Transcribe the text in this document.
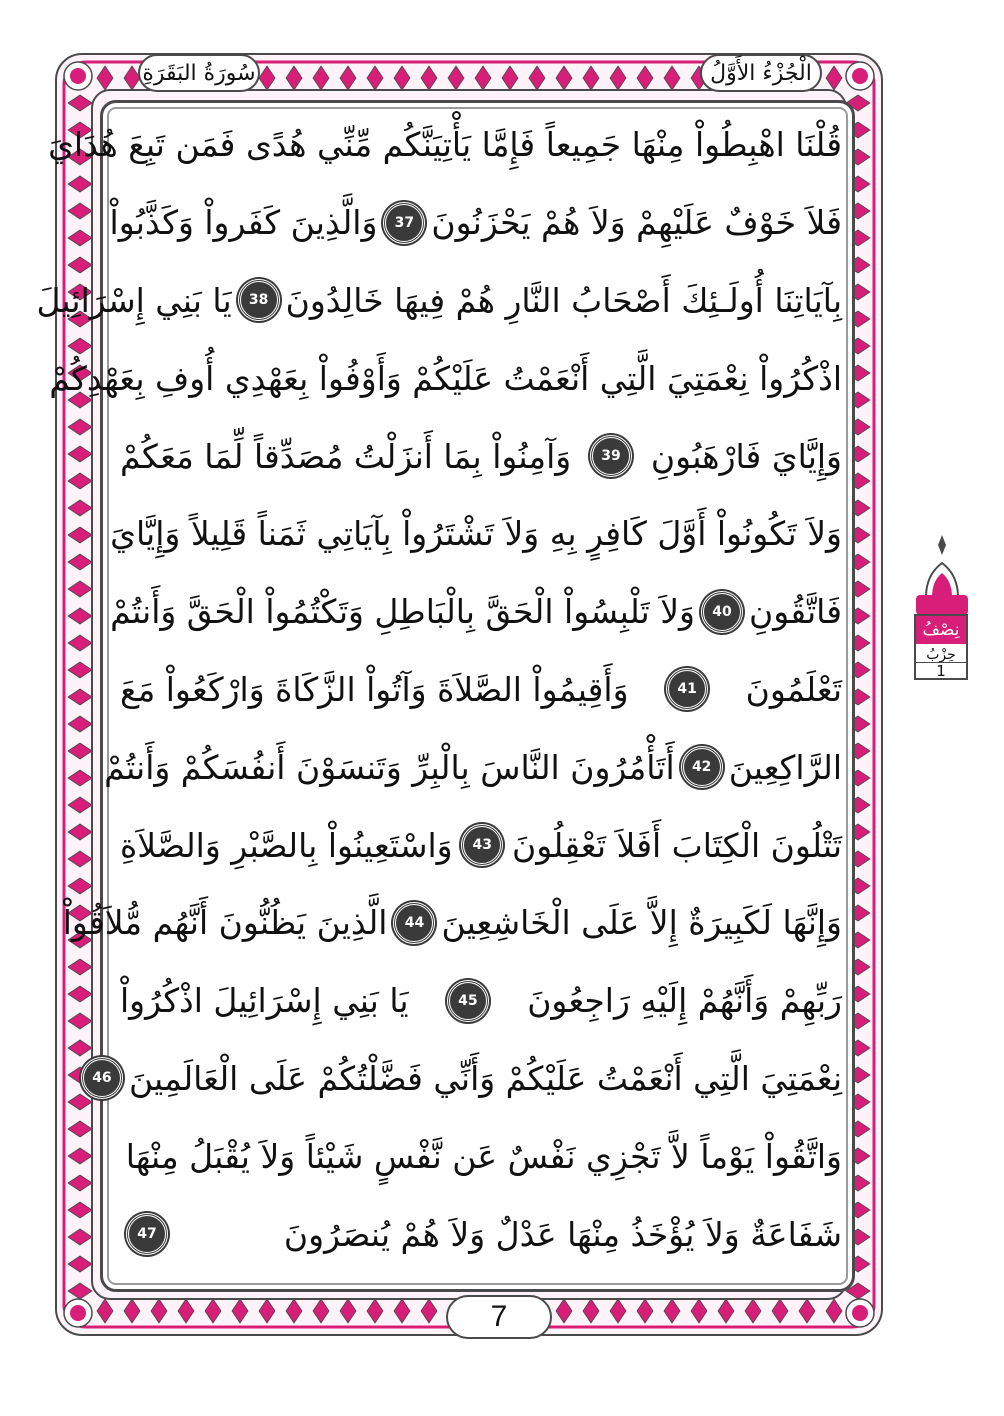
سُورَةُ البَقَرَةِ	الْجُزْءُ الأَوَّلُ
قُلْنَا اهْبِطُواْ مِنْهَا جَمِيعاً فَإِمَّا يَأْتِيَنَّكُم مِّنِّي هُدًى فَمَن تَبِعَ هُدَايَ
فَلاَ خَوْفٌ عَلَيْهِمْ وَلاَ هُمْ يَحْزَنُونَ
37
وَالَّذِينَ كَفَرواْ وَكَذَّبُواْ
بِآيَاتِنَا أُولَـئِكَ أَصْحَابُ النَّارِ هُمْ فِيهَا خَالِدُونَ
38
يَا بَنِي إِسْرَائِيلَ
اذْكُرُواْ نِعْمَتِيَ الَّتِي أَنْعَمْتُ عَلَيْكُمْ وَأَوْفُواْ بِعَهْدِي أُوفِ بِعَهْدِكُمْ
وَإِيَّايَ فَارْهَبُونِ
39
وَآمِنُواْ بِمَا أَنزَلْتُ مُصَدِّقاً لِّمَا مَعَكُمْ
وَلاَ تَكُونُواْ أَوَّلَ كَافِرٍ بِهِ وَلاَ تَشْتَرُواْ بِآيَاتِي ثَمَناً قَلِيلاً وَإِيَّايَ
فَاتَّقُونِ
40
وَلاَ تَلْبِسُواْ الْحَقَّ بِالْبَاطِلِ وَتَكْتُمُواْ الْحَقَّ وَأَنتُمْ
تَعْلَمُونَ
41
وَأَقِيمُواْ الصَّلاَةَ وَآتُواْ الزَّكَاةَ وَارْكَعُواْ مَعَ
الرَّاكِعِينَ
42
أَتَأْمُرُونَ النَّاسَ بِالْبِرِّ وَتَنسَوْنَ أَنفُسَكُمْ وَأَنتُمْ
تَتْلُونَ الْكِتَابَ أَفَلاَ تَعْقِلُونَ
43
وَاسْتَعِينُواْ بِالصَّبْرِ وَالصَّلاَةِ
وَإِنَّهَا لَكَبِيرَةٌ إِلاَّ عَلَى الْخَاشِعِينَ
44
الَّذِينَ يَظُنُّونَ أَنَّهُم مُّلاَقُواْ
رَبِّهِمْ وَأَنَّهُمْ إِلَيْهِ رَاجِعُونَ
45
يَا بَنِي إِسْرَائِيلَ اذْكُرُواْ
نِعْمَتِيَ الَّتِي أَنْعَمْتُ عَلَيْكُمْ وَأَنِّي فَضَّلْتُكُمْ عَلَى الْعَالَمِينَ
46
وَاتَّقُواْ يَوْماً لاَّ تَجْزِي نَفْسٌ عَن نَّفْسٍ شَيْئاً وَلاَ يُقْبَلُ مِنْهَا
شَفَاعَةٌ وَلاَ يُؤْخَذُ مِنْهَا عَدْلٌ وَلاَ هُمْ يُنصَرُونَ
47
7
نِصْفُ
حِزْبُ
1
